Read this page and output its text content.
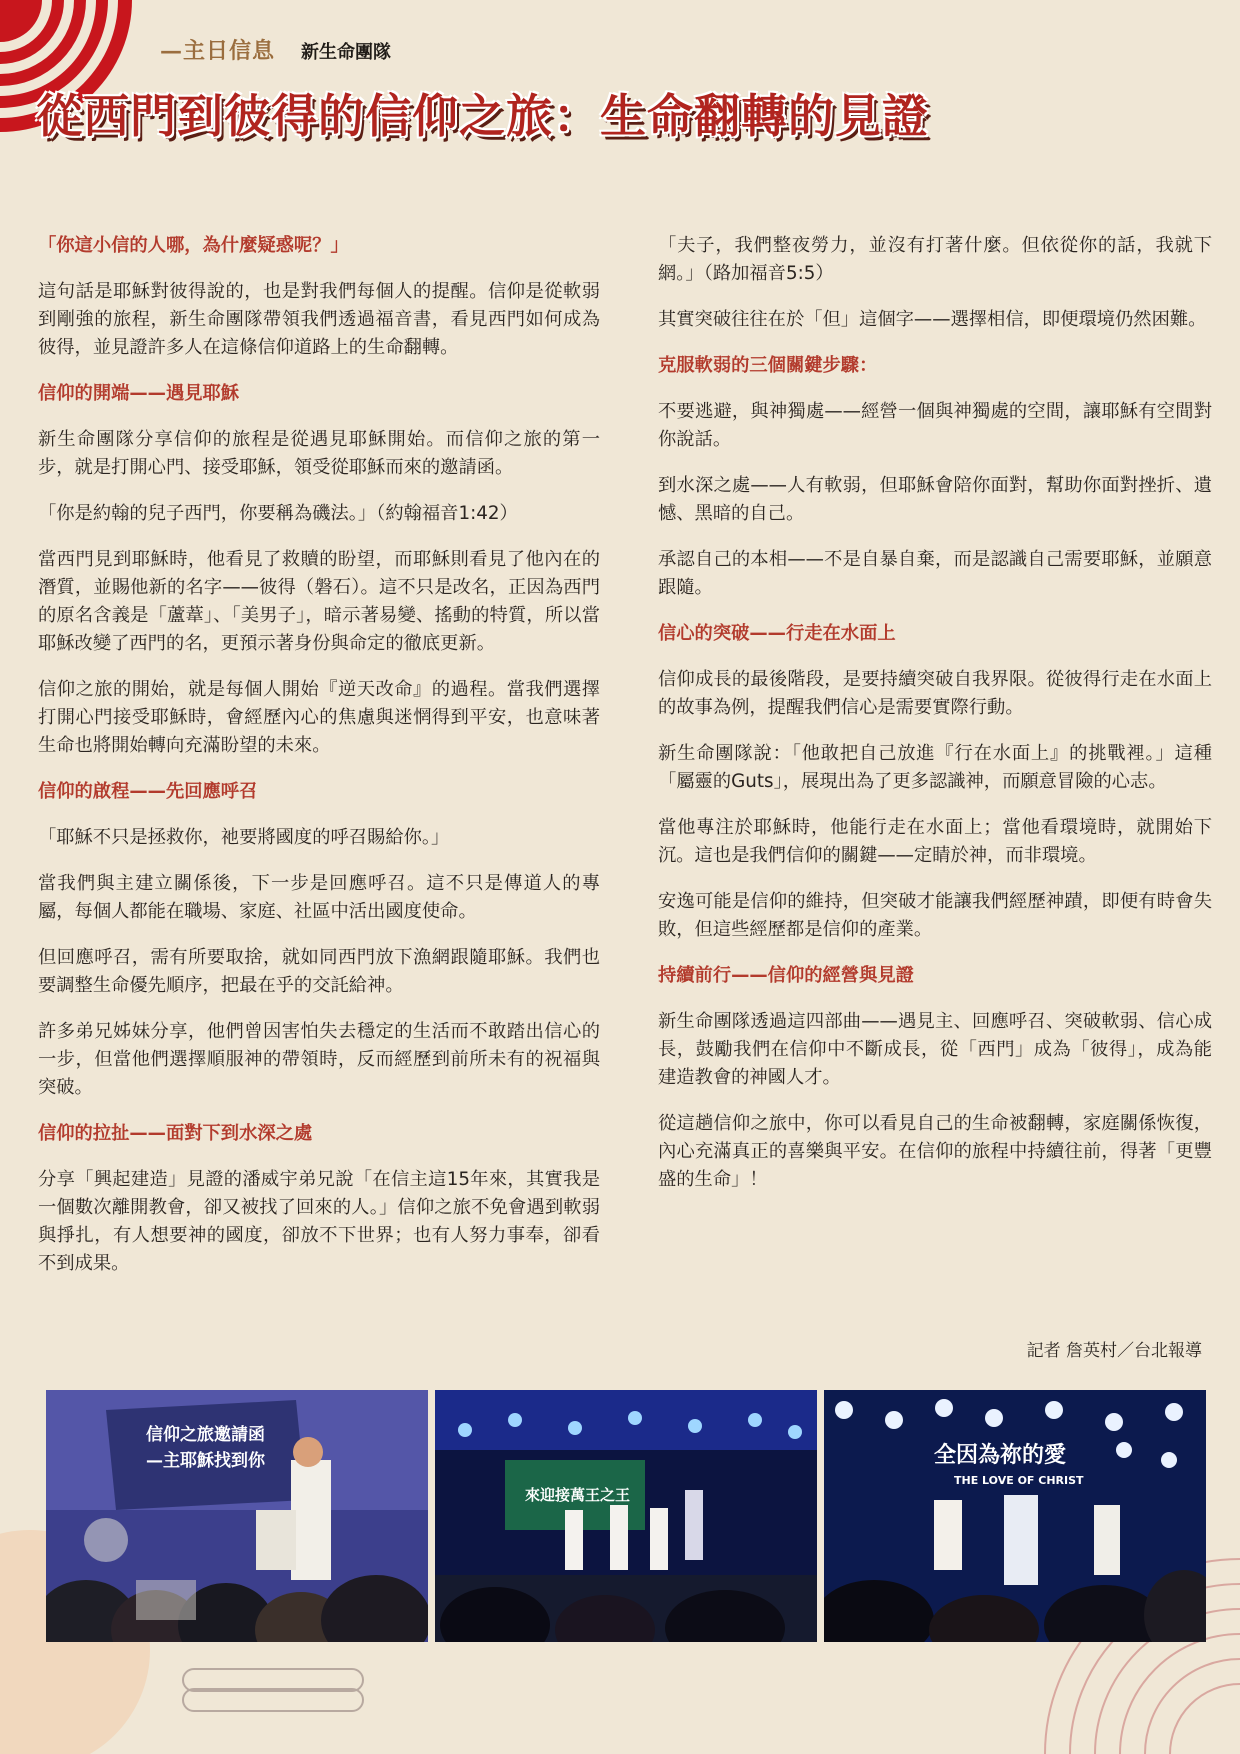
—主日信息 新生命團隊
從西門到彼得的信仰之旅：生命翻轉的見證
「你這小信的人哪，為什麼疑惑呢？」

這句話是耶穌對彼得說的，也是對我們每個人的提醒。信仰是從軟弱到剛強的旅程，新生命團隊帶領我們透過福音書，看見西門如何成為彼得，並見證許多人在這條信仰道路上的生命翻轉。

信仰的開端——遇見耶穌

新生命團隊分享信仰的旅程是從遇見耶穌開始。而信仰之旅的第一步，就是打開心門、接受耶穌，領受從耶穌而來的邀請函。

「你是約翰的兒子西門，你要稱為磯法。」（約翰福音1:42）

當西門見到耶穌時，他看見了救贖的盼望，而耶穌則看見了他內在的潛質，並賜他新的名字——彼得（磐石）。這不只是改名，正因為西門的原名含義是「蘆葦」、「美男子」，暗示著易變、搖動的特質，所以當耶穌改變了西門的名，更預示著身份與命定的徹底更新。

信仰之旅的開始，就是每個人開始『逆天改命』的過程。當我們選擇打開心門接受耶穌時，會經歷內心的焦慮與迷惘得到平安，也意味著生命也將開始轉向充滿盼望的未來。

信仰的啟程——先回應呼召

「耶穌不只是拯救你，祂要將國度的呼召賜給你。」

當我們與主建立關係後，下一步是回應呼召。這不只是傳道人的專屬，每個人都能在職場、家庭、社區中活出國度使命。

但回應呼召，需有所要取捨，就如同西門放下漁網跟隨耶穌。我們也要調整生命優先順序，把最在乎的交託給神。

許多弟兄姊妹分享，他們曾因害怕失去穩定的生活而不敢踏出信心的一步，但當他們選擇順服神的帶領時，反而經歷到前所未有的祝福與突破。

信仰的拉扯——面對下到水深之處

分享「興起建造」見證的潘威宇弟兄說「在信主這15年來，其實我是一個數次離開教會，卻又被找了回來的人。」信仰之旅不免會遇到軟弱與掙扎，有人想要神的國度，卻放不下世界；也有人努力事奉，卻看不到成果。

「夫子，我們整夜勞力，並沒有打著什麼。但依從你的話，我就下網。」（路加福音5:5）

其實突破往往在於「但」這個字——選擇相信，即便環境仍然困難。

克服軟弱的三個關鍵步驟：

不要逃避，與神獨處——經營一個與神獨處的空間，讓耶穌有空間對你說話。

到水深之處——人有軟弱，但耶穌會陪你面對，幫助你面對挫折、遺憾、黑暗的自己。

承認自己的本相——不是自暴自棄，而是認識自己需要耶穌，並願意跟隨。

信心的突破——行走在水面上

信仰成長的最後階段，是要持續突破自我界限。從彼得行走在水面上的故事為例，提醒我們信心是需要實際行動。

新生命團隊說：「他敢把自己放進『行在水面上』的挑戰裡。」這種「屬靈的Guts」，展現出為了更多認識神，而願意冒險的心志。

當他專注於耶穌時，他能行走在水面上；當他看環境時，就開始下沉。這也是我們信仰的關鍵——定睛於神，而非環境。

安逸可能是信仰的維持，但突破才能讓我們經歷神蹟，即便有時會失敗，但這些經歷都是信仰的產業。

持續前行——信仰的經營與見證

新生命團隊透過這四部曲——遇見主、回應呼召、突破軟弱、信心成長，鼓勵我們在信仰中不斷成長，從「西門」成為「彼得」，成為能建造教會的神國人才。

從這趟信仰之旅中，你可以看見自己的生命被翻轉，家庭關係恢復，內心充滿真正的喜樂與平安。在信仰的旅程中持續往前，得著「更豐盛的生命」！

記者 詹英村／台北報導
信仰之旅邀請函
—主耶穌找到你
來迎接萬王之王
全因為祢的愛
THE LOVE OF CHRIST
